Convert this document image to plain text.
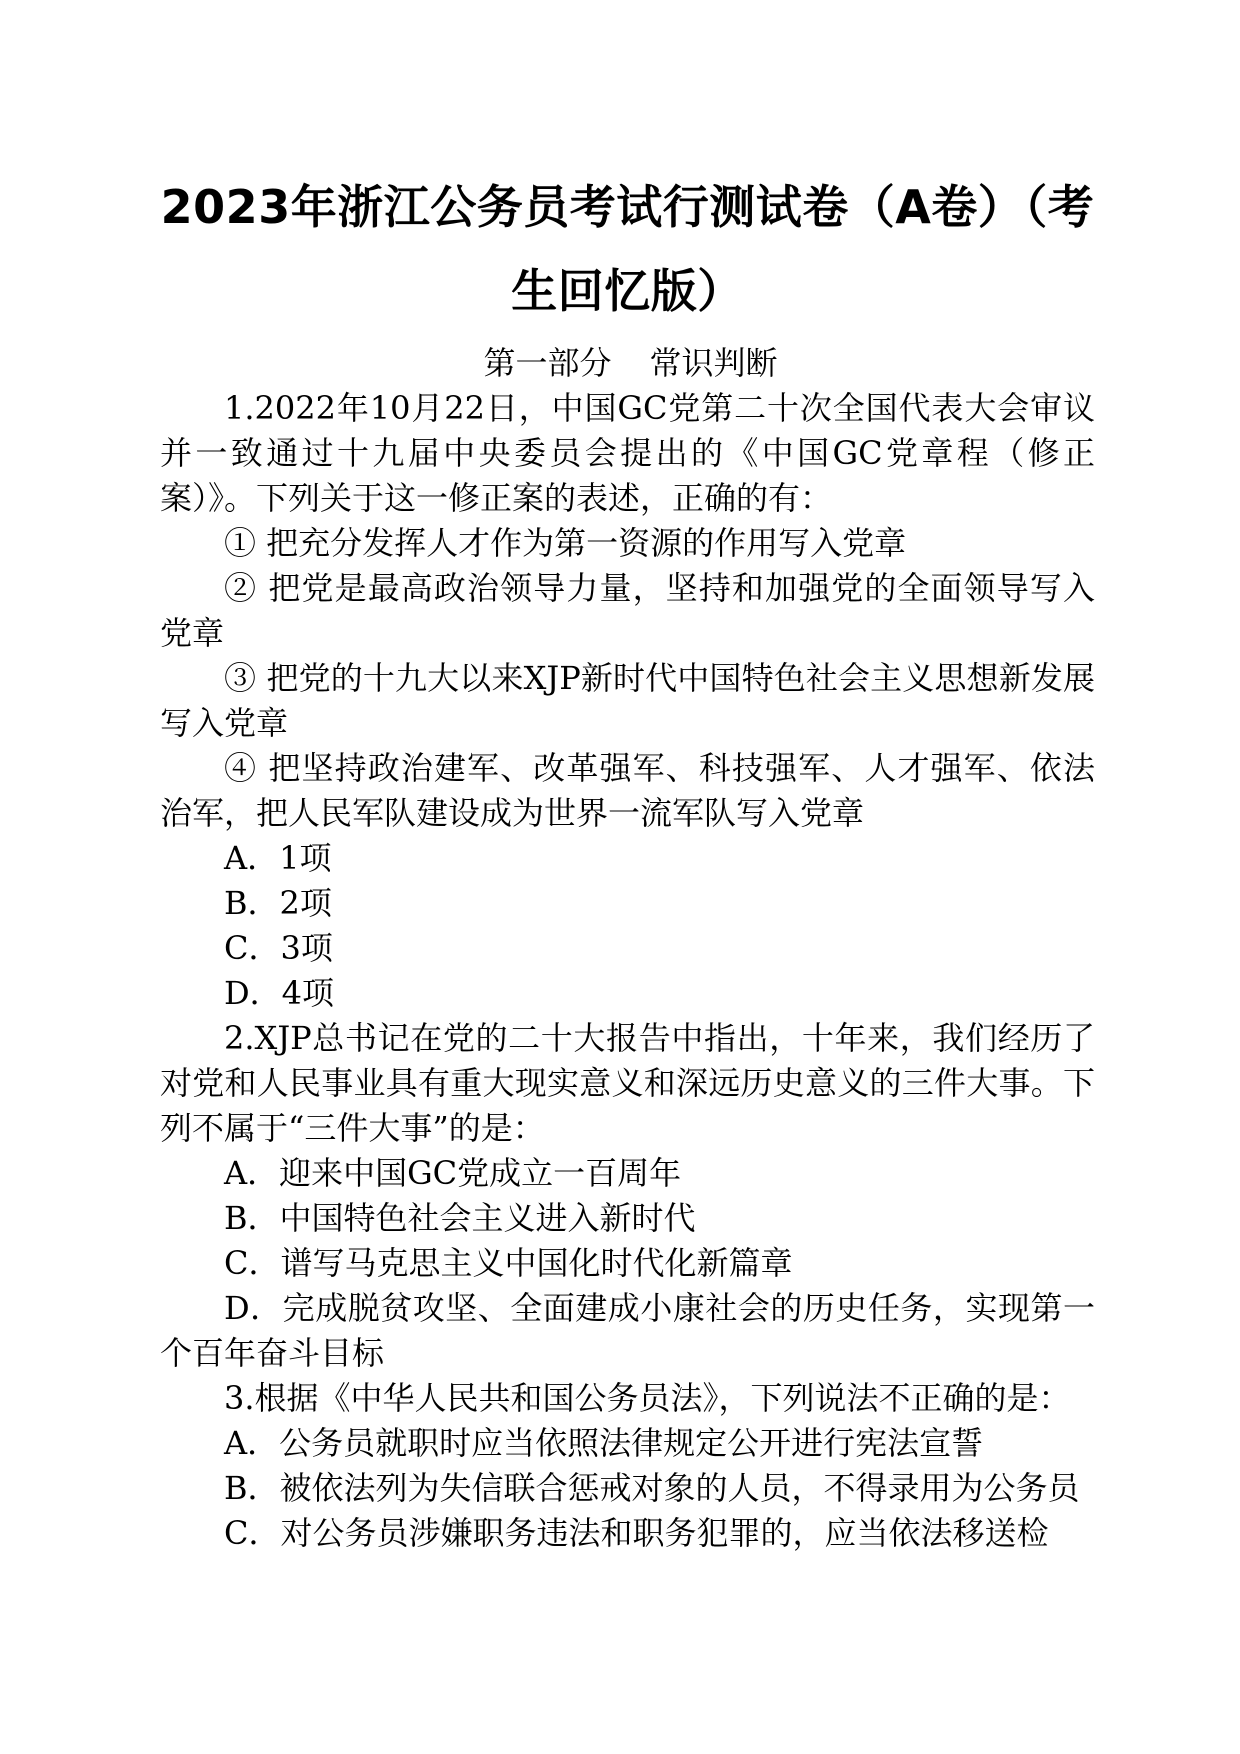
2023年浙江公务员考试行测试卷（A卷）（考生回忆版）
第一部分 常识判断

1.2022年10月22日，中国GC党第二十次全国代表大会审议并一致通过十九届中央委员会提出的《中国GC党章程（修正案）》。下列关于这一修正案的表述，正确的有：

① 把充分发挥人才作为第一资源的作用写入党章

② 把党是最高政治领导力量，坚持和加强党的全面领导写入党章

③ 把党的十九大以来XJP新时代中国特色社会主义思想新发展写入党章

④ 把坚持政治建军、改革强军、科技强军、人才强军、依法治军，把人民军队建设成为世界一流军队写入党章

A．1项

B．2项

C．3项

D．4项

2.XJP总书记在党的二十大报告中指出，十年来，我们经历了对党和人民事业具有重大现实意义和深远历史意义的三件大事。下列不属于“三件大事”的是：

A．迎来中国GC党成立一百周年

B．中国特色社会主义进入新时代

C．谱写马克思主义中国化时代化新篇章

D．完成脱贫攻坚、全面建成小康社会的历史任务，实现第一个百年奋斗目标

3.根据《中华人民共和国公务员法》，下列说法不正确的是：

A．公务员就职时应当依照法律规定公开进行宪法宣誓

B．被依法列为失信联合惩戒对象的人员，不得录用为公务员

C．对公务员涉嫌职务违法和职务犯罪的，应当依法移送检
